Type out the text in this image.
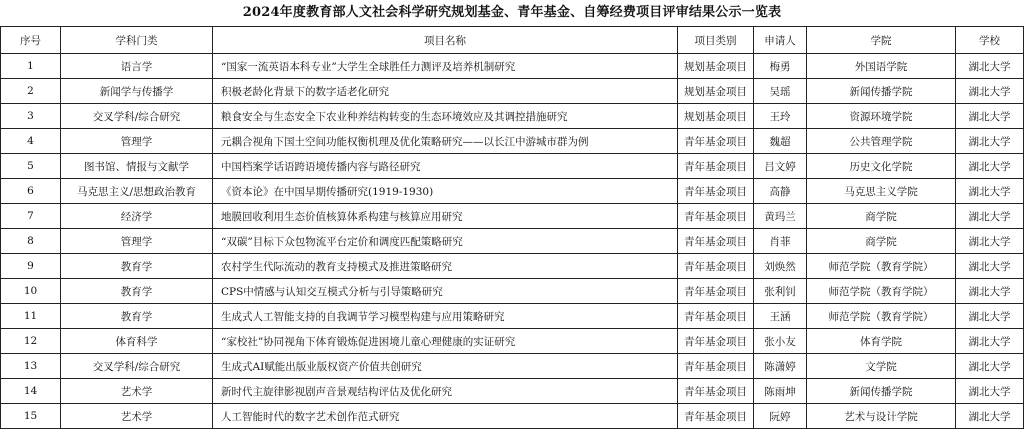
2024年度教育部人文社会科学研究规划基金、青年基金、自筹经费项目评审结果公示一览表
序号	学科门类	项目名称	项目类别	申请人	学院	学校
1	语言学	“国家一流英语本科专业”大学生全球胜任力测评及培养机制研究	规划基金项目	梅勇	外国语学院	湖北大学
2	新闻学与传播学	积极老龄化背景下的数字适老化研究	规划基金项目	吴瑶	新闻传播学院	湖北大学
3	交叉学科/综合研究	粮食安全与生态安全下农业种养结构转变的生态环境效应及其调控措施研究	规划基金项目	王玲	资源环境学院	湖北大学
4	管理学	元耦合视角下国土空间功能权衡机理及优化策略研究——以长江中游城市群为例	青年基金项目	魏超	公共管理学院	湖北大学
5	图书馆、情报与文献学	中国档案学话语跨语境传播内容与路径研究	青年基金项目	吕文婷	历史文化学院	湖北大学
6	马克思主义/思想政治教育	《资本论》在中国早期传播研究(1919-1930)	青年基金项目	高静	马克思主义学院	湖北大学
7	经济学	地膜回收利用生态价值核算体系构建与核算应用研究	青年基金项目	黄玛兰	商学院	湖北大学
8	管理学	“双碳”目标下众包物流平台定价和调度匹配策略研究	青年基金项目	肖菲	商学院	湖北大学
9	教育学	农村学生代际流动的教育支持模式及推进策略研究	青年基金项目	刘焕然	师范学院（教育学院）	湖北大学
10	教育学	CPS中情感与认知交互模式分析与引导策略研究	青年基金项目	张利钊	师范学院（教育学院）	湖北大学
11	教育学	生成式人工智能支持的自我调节学习模型构建与应用策略研究	青年基金项目	王涵	师范学院（教育学院）	湖北大学
12	体育科学	“家校社”协同视角下体育锻炼促进困境儿童心理健康的实证研究	青年基金项目	张小友	体育学院	湖北大学
13	交叉学科/综合研究	生成式AI赋能出版业版权资产价值共创研究	青年基金项目	陈潇婷	文学院	湖北大学
14	艺术学	新时代主旋律影视剧声音景观结构评估及优化研究	青年基金项目	陈雨坤	新闻传播学院	湖北大学
15	艺术学	人工智能时代的数字艺术创作范式研究	青年基金项目	阮婷	艺术与设计学院	湖北大学
